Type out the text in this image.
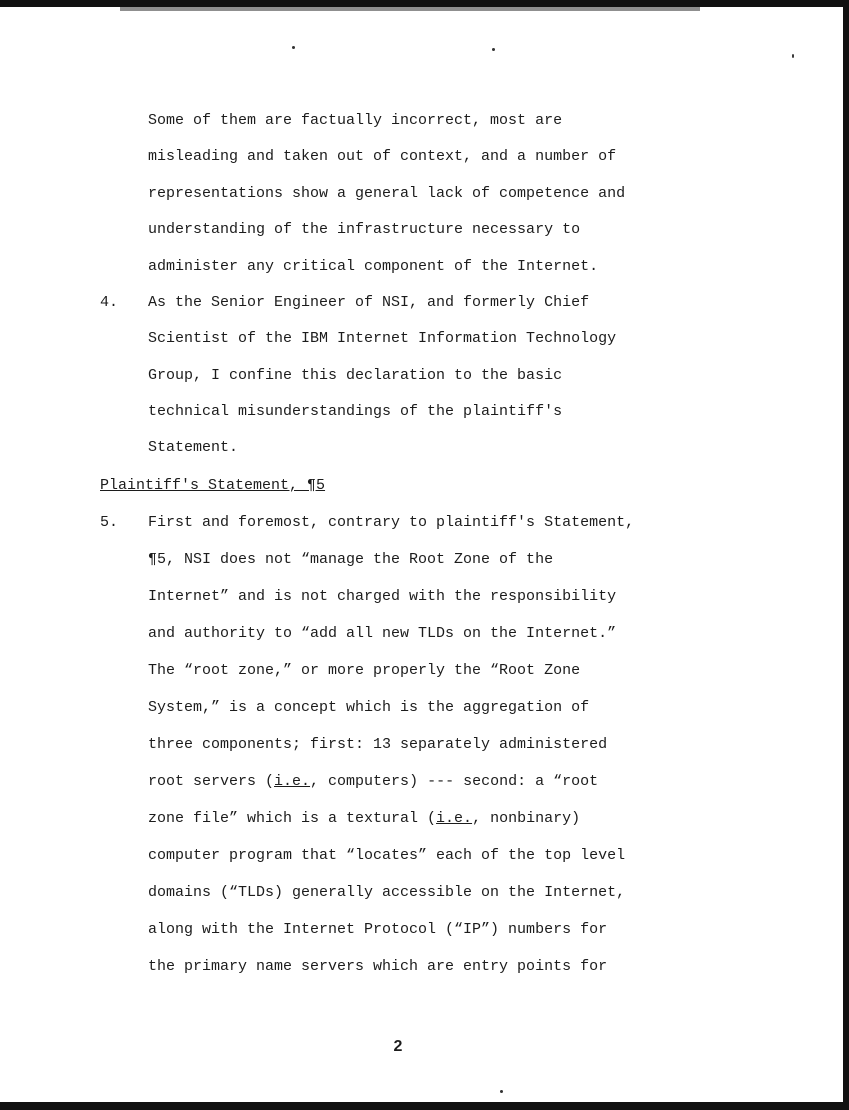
Some of them are factually incorrect, most are
misleading and taken out of context, and a number of
representations show a general lack of competence and
understanding of the infrastructure necessary to
administer any critical component of the Internet.
4. As the Senior Engineer of NSI, and formerly Chief
Scientist of the IBM Internet Information Technology
Group, I confine this declaration to the basic
technical misunderstandings of the plaintiff's
Statement.
Plaintiff's Statement, ¶5
5. First and foremost, contrary to plaintiff's Statement,
¶5, NSI does not “manage the Root Zone of the
Internet” and is not charged with the responsibility
and authority to “add all new TLDs on the Internet.”
The “root zone,” or more properly the “Root Zone
System,” is a concept which is the aggregation of
three components; first: 13 separately administered
root servers (i.e., computers) --- second: a “root
zone file” which is a textural (i.e., nonbinary)
computer program that “locates” each of the top level
domains (“TLDs) generally accessible on the Internet,
along with the Internet Protocol (“IP”) numbers for
the primary name servers which are entry points for
2
